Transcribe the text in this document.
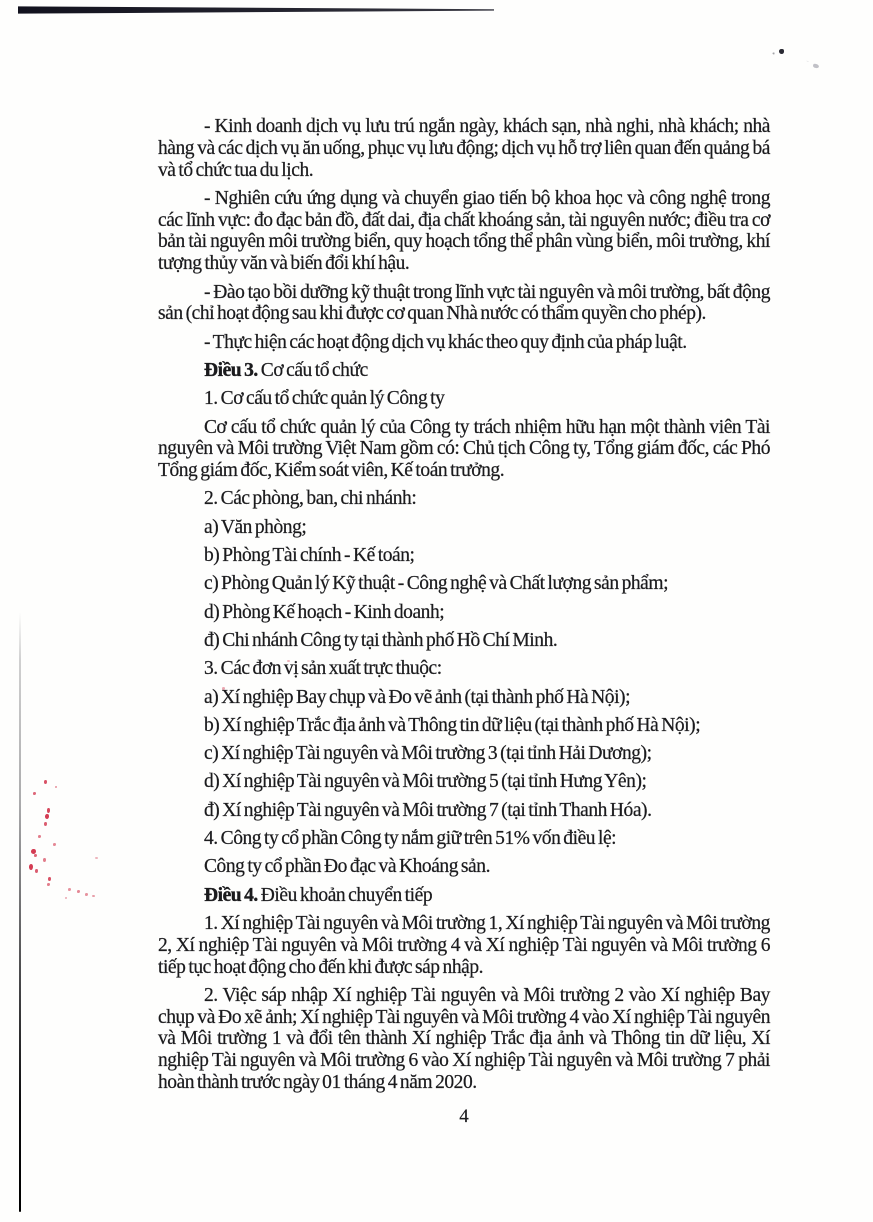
- Kinh doanh dịch vụ lưu trú ngắn ngày, khách sạn, nhà nghi, nhà khách; nhà hàng và các dịch vụ ăn uống, phục vụ lưu động; dịch vụ hỗ trợ liên quan đến quảng bá và tổ chức tua du lịch.

- Nghiên cứu ứng dụng và chuyển giao tiến bộ khoa học và công nghệ trong các lĩnh vực: đo đạc bản đồ, đất dai, địa chất khoáng sản, tài nguyên nước; điều tra cơ bản tài nguyên môi trường biển, quy hoạch tổng thể phân vùng biển, môi trường, khí tượng thủy văn và biến đổi khí hậu.

- Đào tạo bồi dưỡng kỹ thuật trong lĩnh vực tài nguyên và môi trường, bất động sản (chỉ hoạt động sau khi được cơ quan Nhà nước có thẩm quyền cho phép).

- Thực hiện các hoạt động dịch vụ khác theo quy định của pháp luật.

Điều 3. Cơ cấu tổ chức

1. Cơ cấu tổ chức quản lý Công ty

Cơ cấu tổ chức quản lý của Công ty trách nhiệm hữu hạn một thành viên Tài nguyên và Môi trường Việt Nam gồm có: Chủ tịch Công ty, Tổng giám đốc, các Phó Tổng giám đốc, Kiểm soát viên, Kế toán trưởng.

2. Các phòng, ban, chi nhánh:

a) Văn phòng;

b) Phòng Tài chính - Kế toán;

c) Phòng Quản lý Kỹ thuật - Công nghệ và Chất lượng sản phẩm;

d) Phòng Kế hoạch - Kinh doanh;

đ) Chi nhánh Công ty tại thành phố Hồ Chí Minh.

3. Các đơn vị sản xuất trực thuộc:

a) Xí nghiệp Bay chụp và Đo vẽ ảnh (tại thành phố Hà Nội);

b) Xí nghiệp Trắc địa ảnh và Thông tin dữ liệu (tại thành phố Hà Nội);

c) Xí nghiệp Tài nguyên và Môi trường 3 (tại tỉnh Hải Dương);

d) Xí nghiệp Tài nguyên và Môi trường 5 (tại tỉnh Hưng Yên);

đ) Xí nghiệp Tài nguyên và Môi trường 7 (tại tỉnh Thanh Hóa).

4. Công ty cổ phần Công ty nắm giữ trên 51% vốn điều lệ:

Công ty cổ phần Đo đạc và Khoáng sản.

Điều 4. Điều khoản chuyển tiếp

1. Xí nghiệp Tài nguyên và Môi trường 1, Xí nghiệp Tài nguyên và Môi trường 2, Xí nghiệp Tài nguyên và Môi trường 4 và Xí nghiệp Tài nguyên và Môi trường 6 tiếp tục hoạt động cho đến khi được sáp nhập.

2. Việc sáp nhập Xí nghiệp Tài nguyên và Môi trường 2 vào Xí nghiệp Bay chụp và Đo xẽ ảnh; Xí nghiệp Tài nguyên và Môi trường 4 vào Xí nghiệp Tài nguyên và Môi trường 1 và đổi tên thành Xí nghiệp Trắc địa ảnh và Thông tin dữ liệu, Xí nghiệp Tài nguyên và Môi trường 6 vào Xí nghiệp Tài nguyên và Môi trường 7 phải hoàn thành trước ngày 01 tháng 4 năm 2020.

4
